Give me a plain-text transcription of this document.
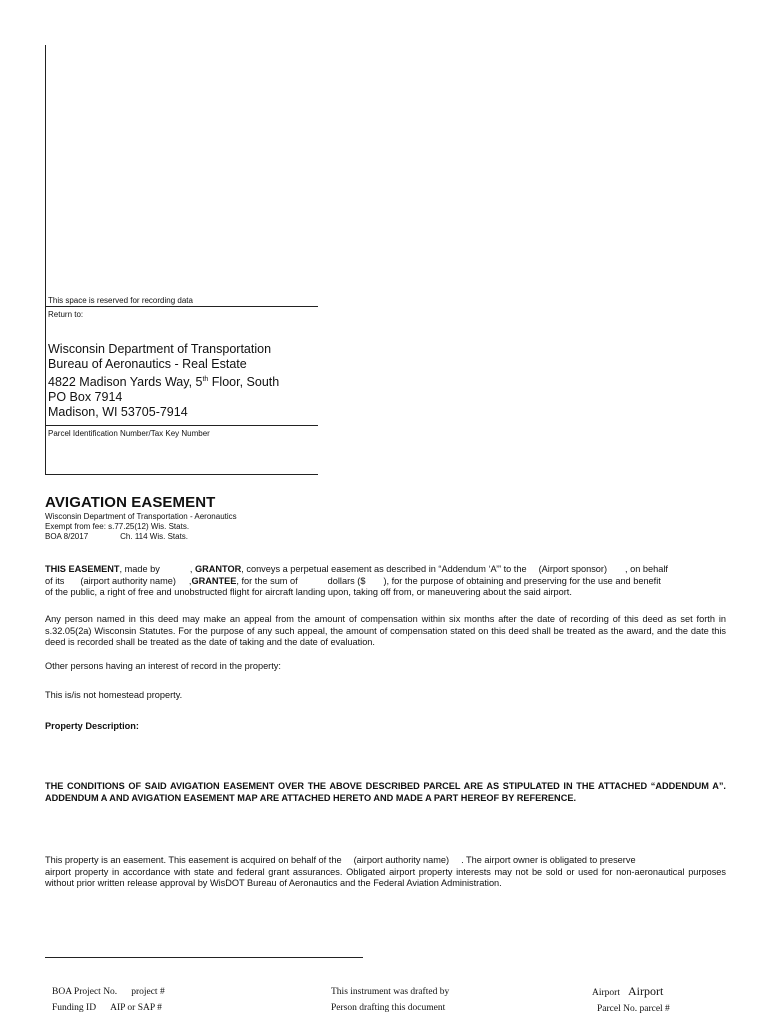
This space is reserved for recording data
Return to:
Wisconsin Department of Transportation
Bureau of Aeronautics - Real Estate
4822 Madison Yards Way, 5th Floor, South
PO Box 7914
Madison, WI 53705-7914
Parcel Identification Number/Tax Key Number
AVIGATION EASEMENT
Wisconsin Department of Transportation - Aeronautics
Exempt from fee: s.77.25(12) Wis. Stats.
BOA 8/2017	Ch. 114 Wis. Stats.
THIS EASEMENT, made by	, GRANTOR, conveys a perpetual easement as described in “Addendum ‘A’” to the (Airport sponsor) , on behalf
of its (airport authority name) ,GRANTEE, for the sum of	dollars ($ ), for the purpose of obtaining and preserving for the use and benefit
of the public, a right of free and unobstructed flight for aircraft landing upon, taking off from, or maneuvering about the said airport.
Any person named in this deed may make an appeal from the amount of compensation within six months after the date of recording of this deed as set forth in s.32.05(2a) Wisconsin Statutes. For the purpose of any such appeal, the amount of compensation stated on this deed shall be treated as the award, and the date this deed is recorded shall be treated as the date of taking and the date of evaluation.
Other persons having an interest of record in the property:
This is/is not homestead property.
Property Description:
THE CONDITIONS OF SAID AVIGATION EASEMENT OVER THE ABOVE DESCRIBED PARCEL ARE AS STIPULATED IN THE ATTACHED “ADDENDUM A”. ADDENDUM A AND AVIGATION EASEMENT MAP ARE ATTACHED HERETO AND MADE A PART HEREOF BY REFERENCE.
This property is an easement. This easement is acquired on behalf of the (airport authority name) . The airport owner is obligated to preserve
airport property in accordance with state and federal grant assurances. Obligated airport property interests may not be sold or used for non-aeronautical purposes without prior written release approval by WisDOT Bureau of Aeronautics and the Federal Aviation Administration.
BOA Project No. project #
Funding ID AIP or SAP #
This instrument was drafted by
Person drafting this document
Airport Airport
Parcel No. parcel #
